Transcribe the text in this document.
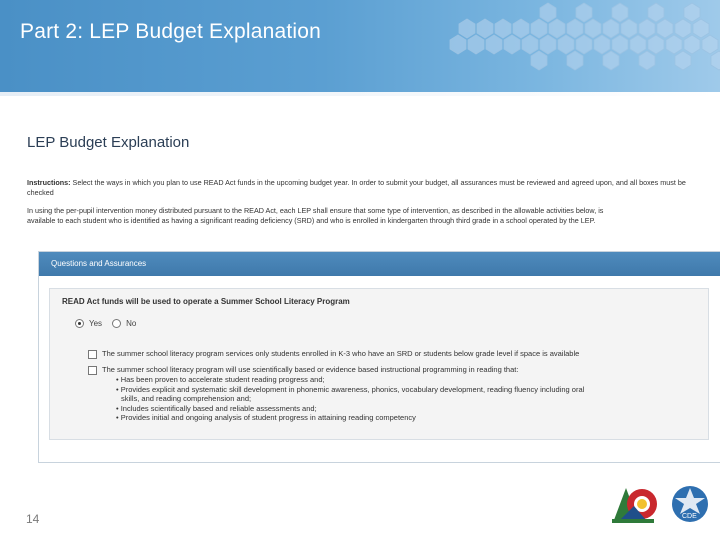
Part 2: LEP Budget Explanation
LEP Budget Explanation
Instructions: Select the ways in which you plan to use READ Act funds in the upcoming budget year. In order to submit your budget, all assurances must be reviewed and agreed upon, and all boxes must be checked
In using the per-pupil intervention money distributed pursuant to the READ Act, each LEP shall ensure that some type of intervention, as described in the allowable activities below, is
available to each student who is identified as having a significant reading deficiency (SRD) and who is enrolled in kindergarten through third grade in a school operated by the LEP.
Questions and Assurances
READ Act funds will be used to operate a Summer School Literacy Program
Yes	No
The summer school literacy program services only students enrolled in K-3 who have an SRD or students below grade level if space is available
The summer school literacy program will use scientifically based or evidence based instructional programming in reading that:
• Has been proven to accelerate student reading progress and;
• Provides explicit and systematic skill development in phonemic awareness, phonics, vocabulary development, reading fluency including oral
skills, and reading comprehension and;
• Includes scientifically based and reliable assessments and;
• Provides initial and ongoing analysis of student progress in attaining reading competency
14	CDE
